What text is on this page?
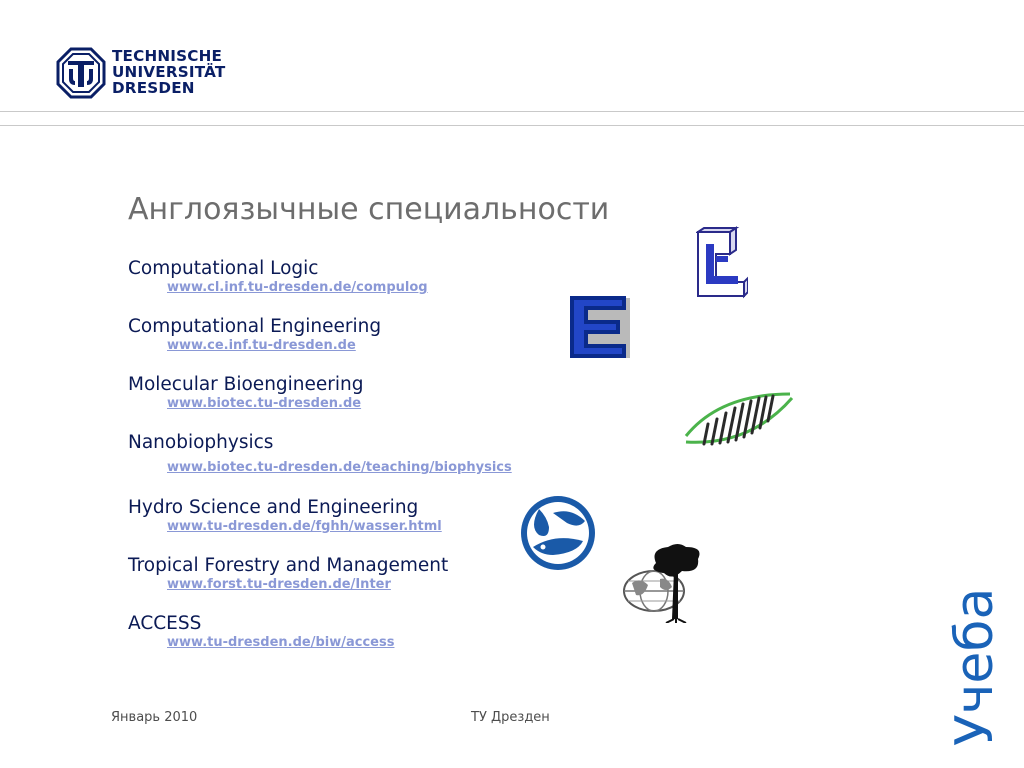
TECHNISCHE
UNIVERSITÄT
DRESDEN
Англоязычные специальности
Computational Logic
www.cl.inf.tu-dresden.de/compulog
Computational Engineering
www.ce.inf.tu-dresden.de
Molecular Bioengineering
www.biotec.tu-dresden.de
Nanobiophysics
www.biotec.tu-dresden.de/teaching/biophysics
Hydro Science and Engineering
www.tu-dresden.de/fghh/wasser.html
Tropical Forestry and Management
www.forst.tu-dresden.de/Inter
ACCESS
www.tu-dresden.de/biw/access
Январь 2010	ТУ Дрезден	Учеба
